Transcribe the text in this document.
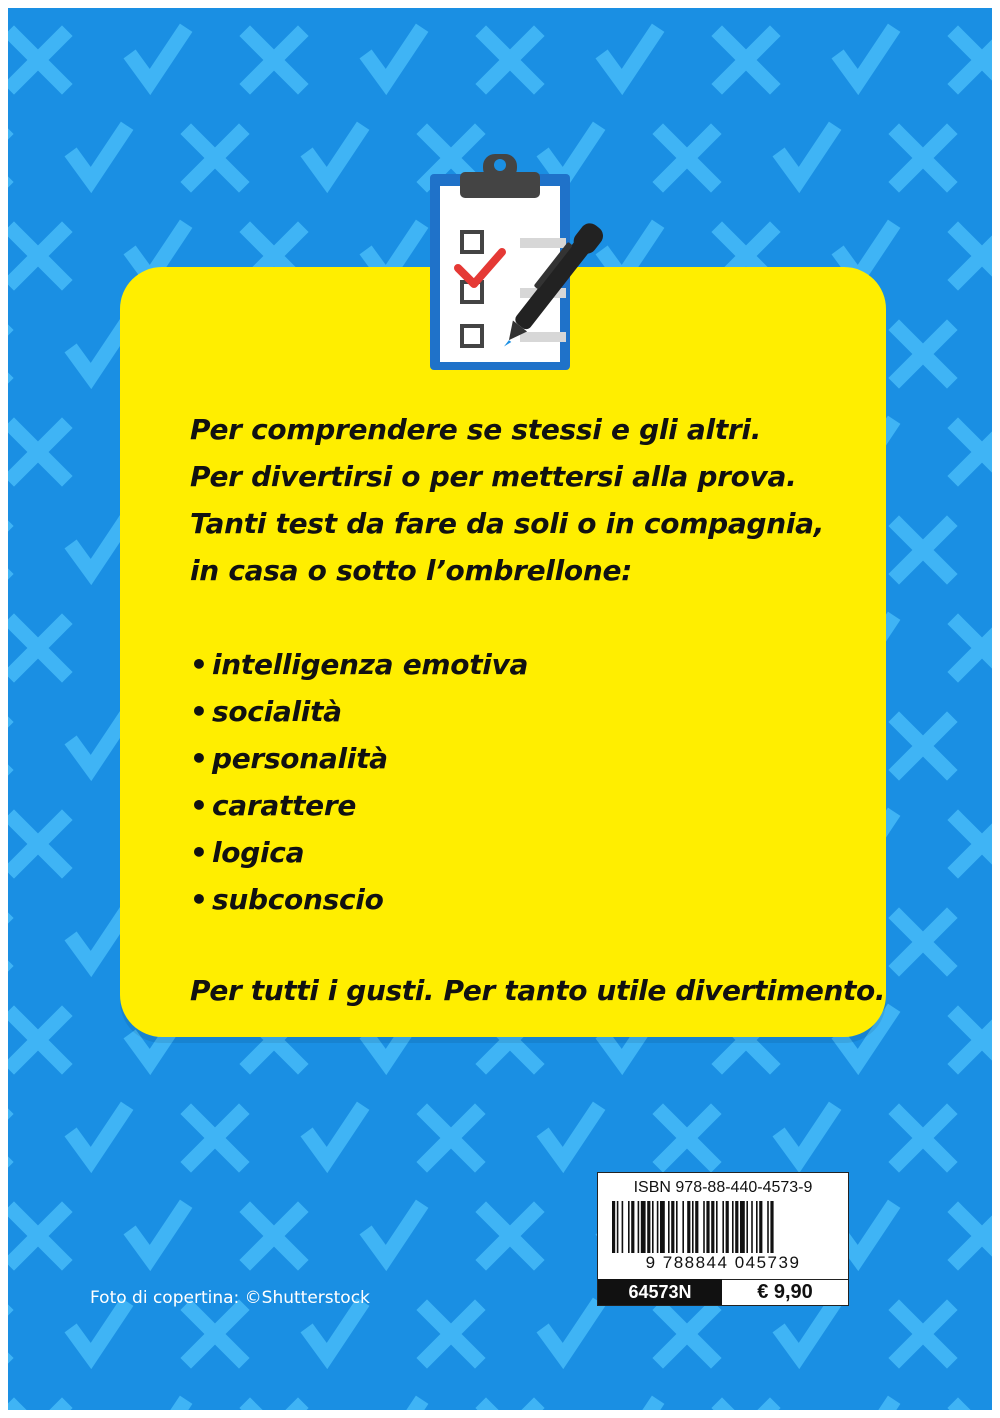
Per comprendere se stessi e gli altri.
Per divertirsi o per mettersi alla prova.
Tanti test da fare da soli o in compagnia,
in casa o sotto l’ombrellone:
• intelligenza emotiva
• socialità
• personalità
• carattere
• logica
• subconscio
Per tutti i gusti. Per tanto utile divertimento.
Foto di copertina: ©Shutterstock
ISBN 978-88-440-4573-9
9 788844 045739
64573N	€ 9,90
